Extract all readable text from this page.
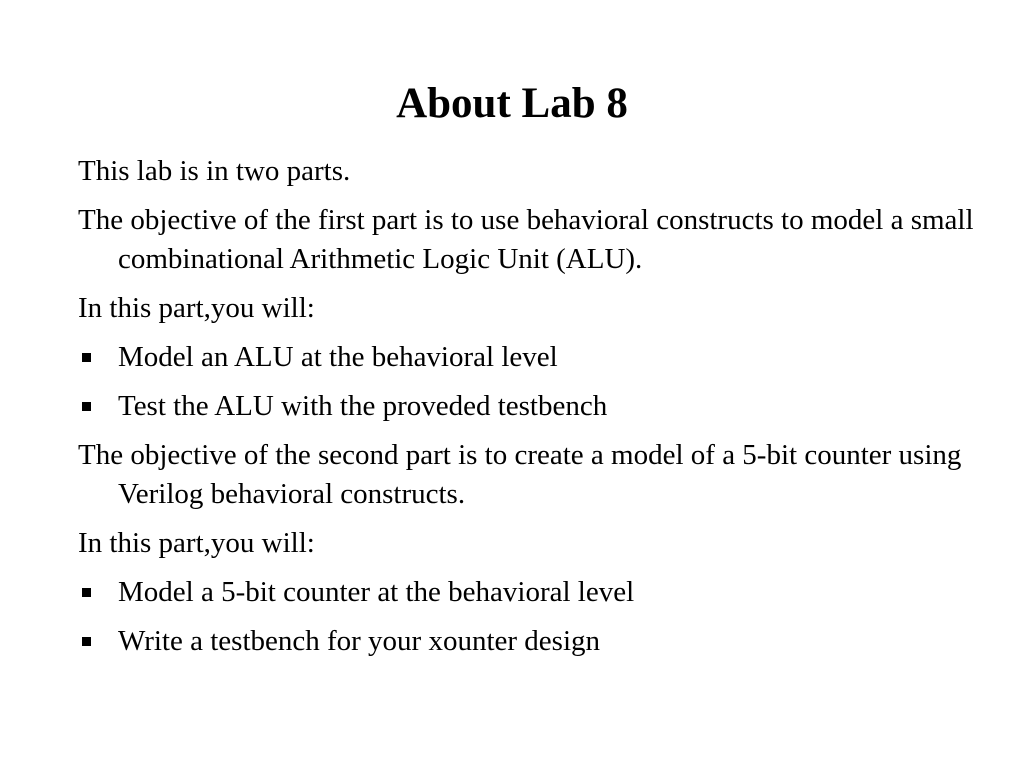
About Lab 8
This lab is in two parts.
The objective of the first part is to use behavioral constructs to model a small combinational Arithmetic Logic Unit (ALU).
In this part,you will:
Model an ALU at the behavioral level
Test the ALU with the proveded testbench
The objective of the second part is to create a model of a 5-bit counter using Verilog behavioral constructs.
In this part,you will:
Model a 5-bit counter at the behavioral level
Write a testbench for your xounter design
